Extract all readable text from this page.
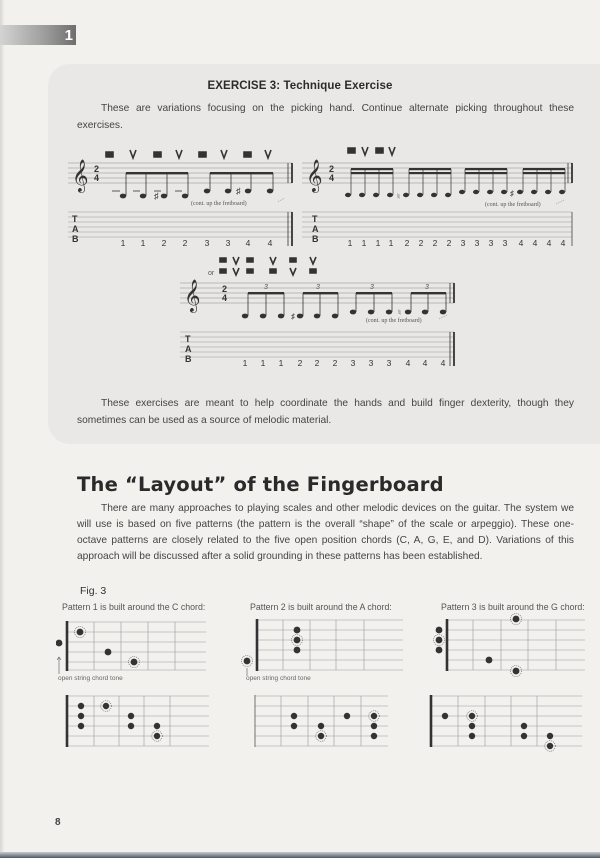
1
EXERCISE 3: Technique Exercise
These are variations focusing on the picking hand. Continue alternate picking throughout these exercises.
𝄞 2
4
♯	♯
(cont. up the fretboard)
T
A
B	1 1 2 2 3 3 4 4
𝄞 2
4
♮	♯
(cont. up the fretboard)
T
A
B	1 1 1 1 2 2 2 2 3 3 3 3 4 4 4 4
or
𝄞 2
4
3	3	3	3
♯	♮
(cont. up the fretboard)
T
A
B	1 1 1 2 2 2 3 3 3 4 4 4
These exercises are meant to help coordinate the hands and build finger dexterity, though they sometimes can be used as a source of melodic material.
The “Layout” of the Fingerboard
There are many approaches to playing scales and other melodic devices on the guitar. The system we will use is based on five patterns (the pattern is the overall “shape” of the scale or arpeggio). These one-octave patterns are closely related to the five open position chords (C, A, G, E, and D). Variations of this approach will be discussed after a solid grounding in these patterns has been established.
Fig. 3
Pattern 1 is built around the C chord:	Pattern 2 is built around the A chord:	Pattern 3 is built around the G chord:
open string chord tone	open string chord tone
8
